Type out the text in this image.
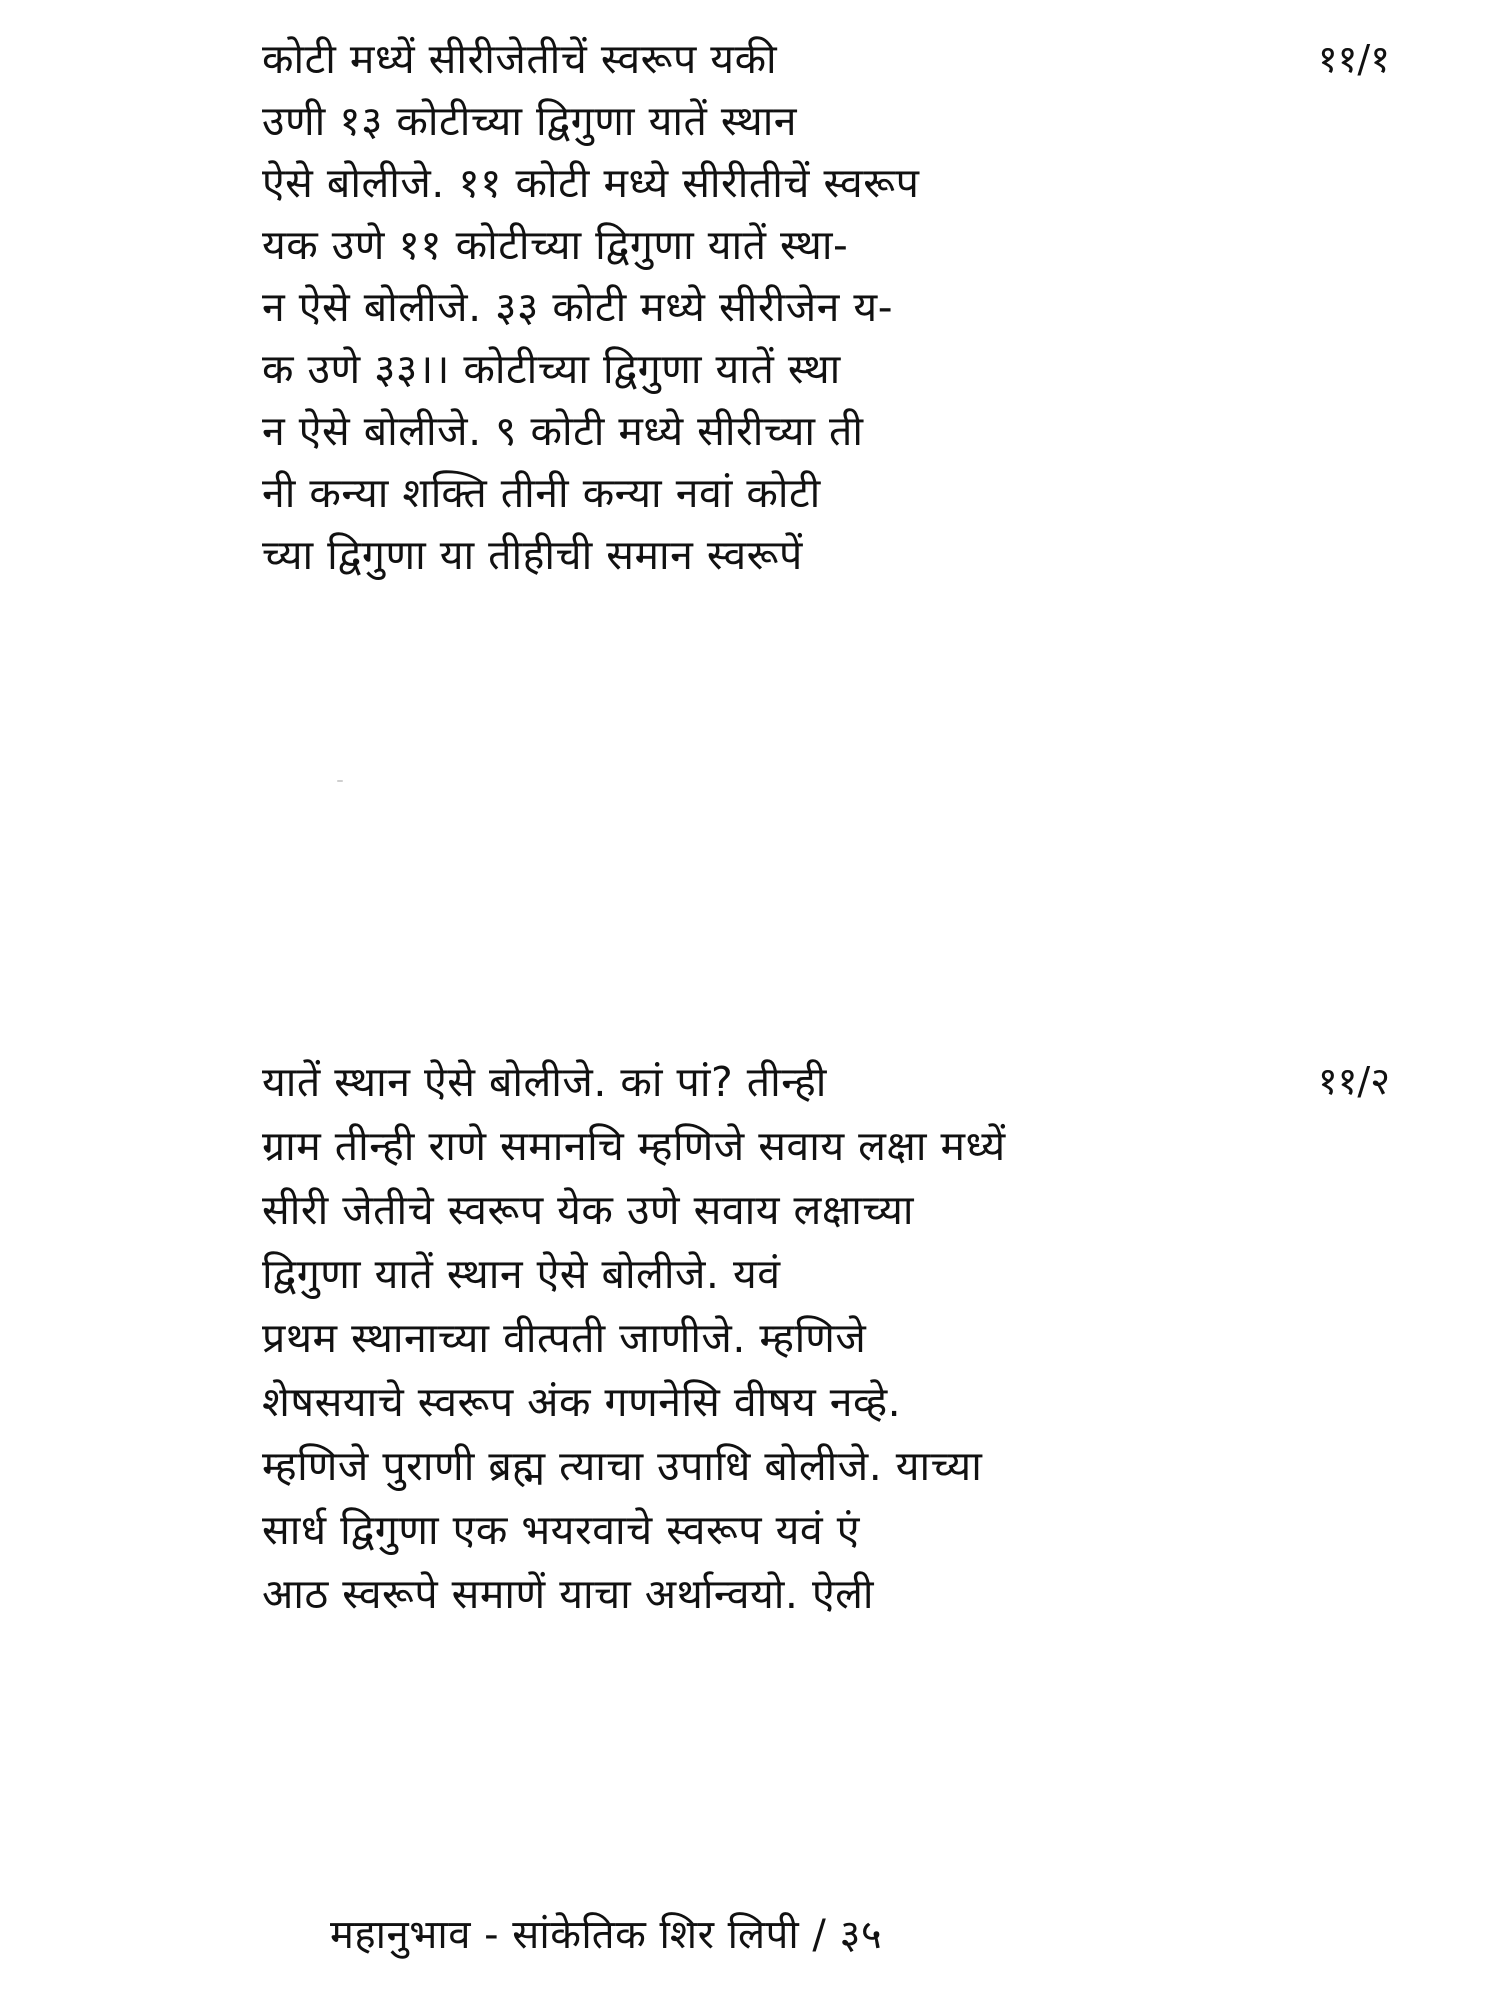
११/१
कोटी मध्यें सीरीजेतीचें स्वरूप यकी
उणी १३ कोटीच्या द्विगुणा यातें स्थान
ऐसे बोलीजे. ११ कोटी मध्ये सीरीतीचें स्वरूप
यक उणे ११ कोटीच्या द्विगुणा यातें स्था-
न ऐसे बोलीजे. ३३ कोटी मध्ये सीरीजेन य-
क उणे ३३।। कोटीच्या द्विगुणा यातें स्था
न ऐसे बोलीजे. ९ कोटी मध्ये सीरीच्या ती
नी कन्या शक्ति तीनी कन्या नवां कोटी
च्या द्विगुणा या तीहीची समान स्वरूपें
११/२
यातें स्थान ऐसे बोलीजे. कां पां? तीन्ही
ग्राम तीन्ही राणे समानचि म्हणिजे सवाय लक्षा मध्यें
सीरी जेतीचे स्वरूप येक उणे सवाय लक्षाच्या
द्विगुणा यातें स्थान ऐसे बोलीजे. यवं
प्रथम स्थानाच्या वीत्पती जाणीजे. म्हणिजे
शेषसयाचे स्वरूप अंक गणनेसि वीषय नव्हे.
म्हणिजे पुराणी ब्रह्म त्याचा उपाधि बोलीजे. याच्या
सार्ध द्विगुणा एक भयरवाचे स्वरूप यवं एं
आठ स्वरूपे समाणें याचा अर्थान्वयो. ऐली
महानुभाव - सांकेतिक शिर लिपी / ३५
